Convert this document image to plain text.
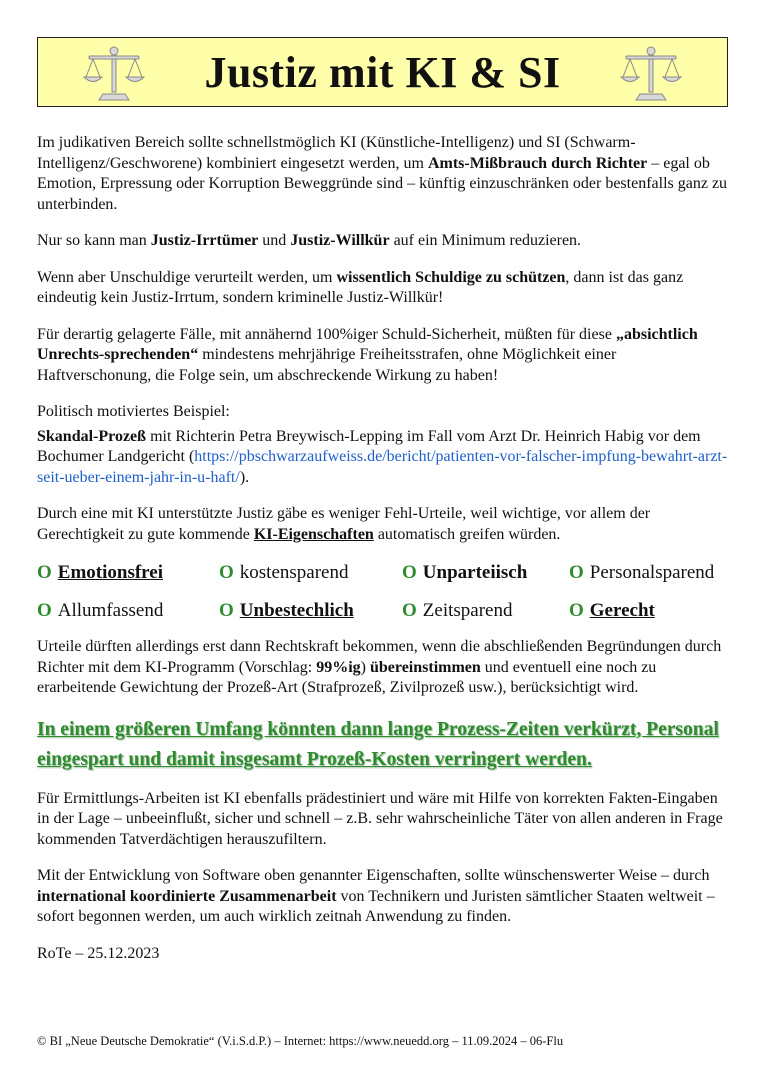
Justiz mit KI & SI

Im judikativen Bereich sollte schnellstmöglich KI (Künstliche-Intelligenz) und SI (Schwarm-Intelligenz/Geschworene) kombiniert eingesetzt werden, um Amts-Mißbrauch durch Richter – egal ob Emotion, Erpressung oder Korruption Beweggründe sind – künftig einzuschränken oder bestenfalls ganz zu unterbinden.

Nur so kann man Justiz-Irrtümer und Justiz-Willkür auf ein Minimum reduzieren.

Wenn aber Unschuldige verurteilt werden, um wissentlich Schuldige zu schützen, dann ist das ganz eindeutig kein Justiz-Irrtum, sondern kriminelle Justiz-Willkür!

Für derartig gelagerte Fälle, mit annähernd 100%iger Schuld-Sicherheit, müßten für diese „absichtlich Unrechts-sprechenden“ mindestens mehrjährige Freiheitsstrafen, ohne Möglichkeit einer Haftverschonung, die Folge sein, um abschreckende Wirkung zu haben!

Politisch motiviertes Beispiel:

Skandal-Prozeß mit Richterin Petra Breywisch-Lepping im Fall vom Arzt Dr. Heinrich Habig vor dem Bochumer Landgericht (https://pbschwarzaufweiss.de/bericht/patienten-vor-falscher-impfung-bewahrt-arzt-seit-ueber-einem-jahr-in-u-haft/).

Durch eine mit KI unterstützte Justiz gäbe es weniger Fehl-Urteile, weil wichtige, vor allem der Gerechtigkeit zu gute kommende KI-Eigenschaften automatisch greifen würden.

O Emotionsfrei	O kostensparend	O Unparteiisch	O Personalsparend
O Allumfassend	O Unbestechlich	O Zeitsparend	O Gerecht

Urteile dürften allerdings erst dann Rechtskraft bekommen, wenn die abschließenden Begründungen durch Richter mit dem KI-Programm (Vorschlag: 99%ig) übereinstimmen und eventuell eine noch zu erarbeitende Gewichtung der Prozeß-Art (Strafprozeß, Zivilprozeß usw.), berücksichtigt wird.

In einem größeren Umfang könnten dann lange Prozess-Zeiten verkürzt, Personal eingespart und damit insgesamt Prozeß-Kosten verringert werden.

Für Ermittlungs-Arbeiten ist KI ebenfalls prädestiniert und wäre mit Hilfe von korrekten Fakten-Eingaben in der Lage – unbeeinflußt, sicher und schnell – z.B. sehr wahrscheinliche Täter von allen anderen in Frage kommenden Tatverdächtigen herauszufiltern.

Mit der Entwicklung von Software oben genannter Eigenschaften, sollte wünschenswerter Weise – durch international koordinierte Zusammenarbeit von Technikern und Juristen sämtlicher Staaten weltweit – sofort begonnen werden, um auch wirklich zeitnah Anwendung zu finden.

RoTe – 25.12.2023

© BI „Neue Deutsche Demokratie“ (V.i.S.d.P.) – Internet: https://www.neuedd.org – 11.09.2024 – 06-Flu
